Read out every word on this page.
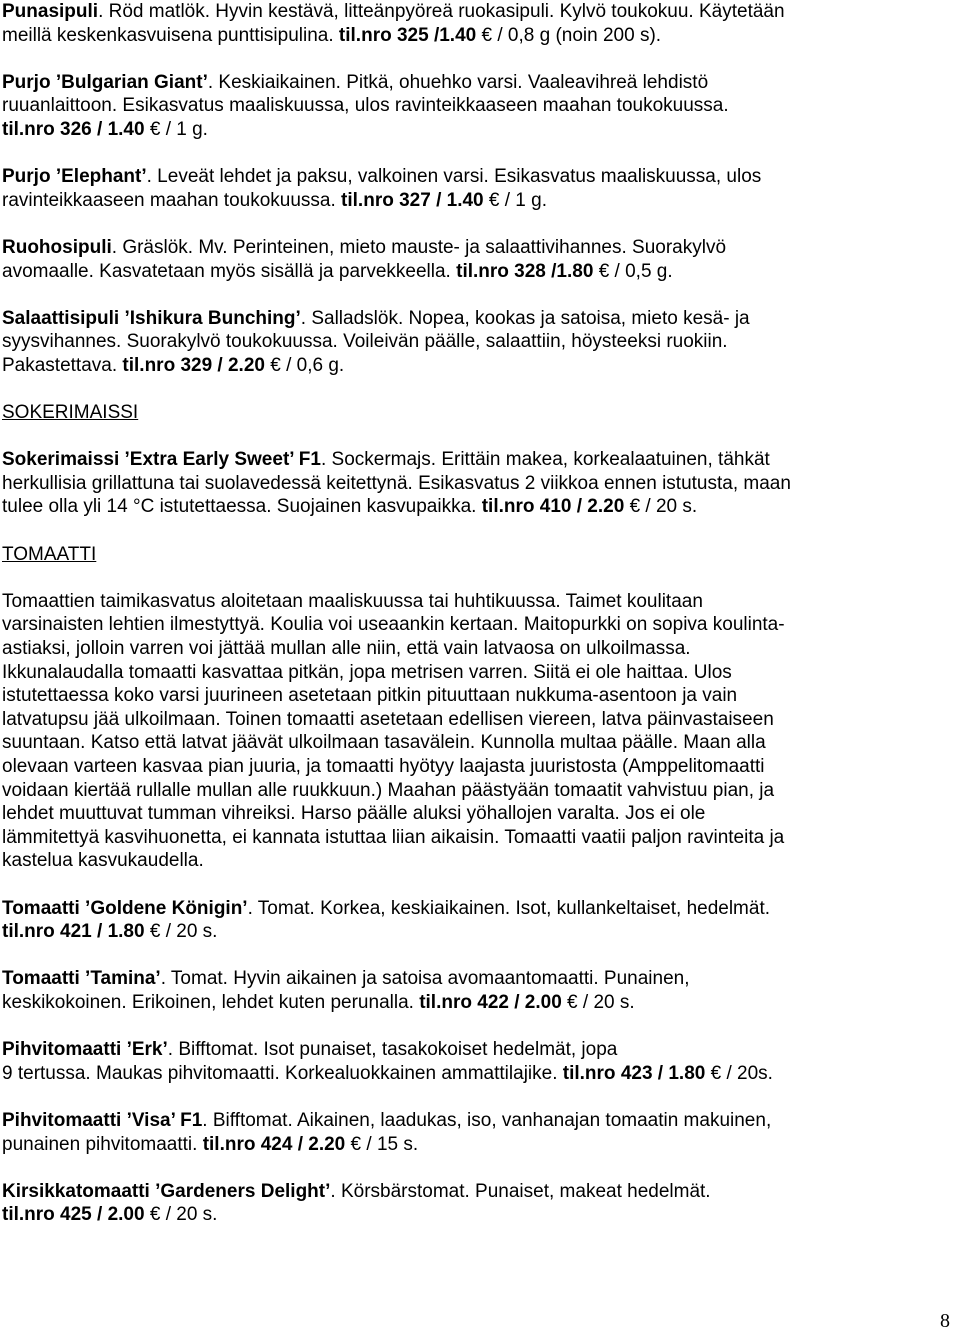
Punasipuli. Röd matlök. Hyvin kestävä, litteänpyöreä ruokasipuli. Kylvö toukokuu. Käytetään
meillä keskenkasvuisena punttisipulina. til.nro 325 /1.40 € / 0,8 g (noin 200 s).
Purjo ’Bulgarian Giant’. Keskiaikainen. Pitkä, ohuehko varsi. Vaaleavihreä lehdistö
ruuanlaittoon. Esikasvatus maaliskuussa, ulos ravinteikkaaseen maahan toukokuussa.
til.nro 326 / 1.40 € / 1 g.
Purjo ’Elephant’. Leveät lehdet ja paksu, valkoinen varsi. Esikasvatus maaliskuussa, ulos
ravinteikkaaseen maahan toukokuussa. til.nro 327 / 1.40 € / 1 g.
Ruohosipuli. Gräslök. Mv. Perinteinen, mieto mauste- ja salaattivihannes. Suorakylvö
avomaalle. Kasvatetaan myös sisällä ja parvekkeella. til.nro 328 /1.80 € / 0,5 g.
Salaattisipuli ’Ishikura Bunching’. Salladslök. Nopea, kookas ja satoisa, mieto kesä- ja
syysvihannes. Suorakylvö toukokuussa. Voileivän päälle, salaattiin, höysteeksi ruokiin.
Pakastettava. til.nro 329 / 2.20 € / 0,6 g.
SOKERIMAISSI
Sokerimaissi ’Extra Early Sweet’ F1. Sockermajs. Erittäin makea, korkealaatuinen, tähkät
herkullisia grillattuna tai suolavedessä keitettynä. Esikasvatus 2 viikkoa ennen istutusta, maan
tulee olla yli 14 °C istutettaessa. Suojainen kasvupaikka. til.nro 410 / 2.20 € / 20 s.
TOMAATTI
Tomaattien taimikasvatus aloitetaan maaliskuussa tai huhtikuussa. Taimet koulitaan
varsinaisten lehtien ilmestyttyä. Koulia voi useaankin kertaan. Maitopurkki on sopiva koulinta-
astiaksi, jolloin varren voi jättää mullan alle niin, että vain latvaosa on ulkoilmassa.
Ikkunalaudalla tomaatti kasvattaa pitkän, jopa metrisen varren. Siitä ei ole haittaa. Ulos
istutettaessa koko varsi juurineen asetetaan pitkin pituuttaan nukkuma-asentoon ja vain
latvatupsu jää ulkoilmaan. Toinen tomaatti asetetaan edellisen viereen, latva päinvastaiseen
suuntaan. Katso että latvat jäävät ulkoilmaan tasavälein. Kunnolla multaa päälle. Maan alla
olevaan varteen kasvaa pian juuria, ja tomaatti hyötyy laajasta juuristosta (Amppelitomaatti
voidaan kiertää rullalle mullan alle ruukkuun.) Maahan päästyään tomaatit vahvistuu pian, ja
lehdet muuttuvat tumman vihreiksi. Harso päälle aluksi yöhallojen varalta. Jos ei ole
lämmitettyä kasvihuonetta, ei kannata istuttaa liian aikaisin. Tomaatti vaatii paljon ravinteita ja
kastelua kasvukaudella.
Tomaatti ’Goldene Königin’. Tomat. Korkea, keskiaikainen. Isot, kullankeltaiset, hedelmät.
til.nro 421 / 1.80 € / 20 s.
Tomaatti ’Tamina’. Tomat. Hyvin aikainen ja satoisa avomaantomaatti. Punainen,
keskikokoinen. Erikoinen, lehdet kuten perunalla. til.nro 422 / 2.00 € / 20 s.
Pihvitomaatti ’Erk’. Bifftomat. Isot punaiset, tasakokoiset hedelmät, jopa
9 tertussa. Maukas pihvitomaatti. Korkealuokkainen ammattilajike. til.nro 423 / 1.80 € / 20s.
Pihvitomaatti ’Visa’ F1. Bifftomat. Aikainen, laadukas, iso, vanhanajan tomaatin makuinen,
punainen pihvitomaatti. til.nro 424 / 2.20 € / 15 s.
Kirsikkatomaatti ’Gardeners Delight’. Körsbärstomat. Punaiset, makeat hedelmät.
til.nro 425 / 2.00 € / 20 s.
8
